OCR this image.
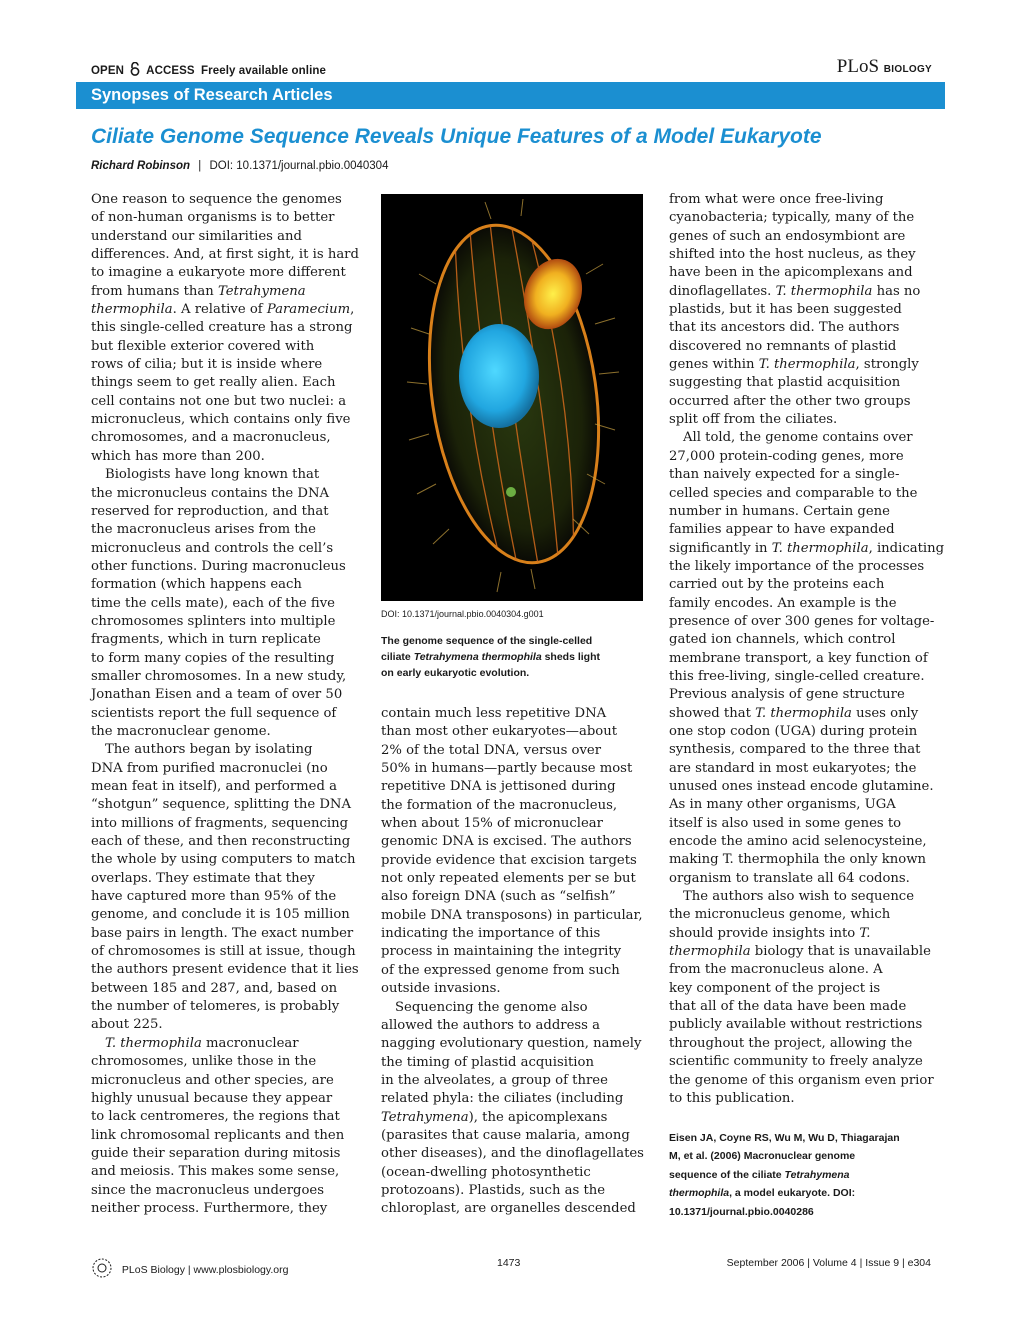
OPEN ACCESS Freely available online	PLoS BIOLOGY
Synopses of Research Articles
Ciliate Genome Sequence Reveals Unique Features of a Model Eukaryote
Richard Robinson | DOI: 10.1371/journal.pbio.0040304

One reason to sequence the genomes

of non-human organisms is to better

understand our similarities and

differences. And, at first sight, it is hard

to imagine a eukaryote more different

from humans than Tetrahymena

thermophila. A relative of Paramecium,

this single-celled creature has a strong

but flexible exterior covered with

rows of cilia; but it is inside where

things seem to get really alien. Each

cell contains not one but two nuclei: a

micronucleus, which contains only five

chromosomes, and a macronucleus,

which has more than 200.

Biologists have long known that

the micronucleus contains the DNA

reserved for reproduction, and that

the macronucleus arises from the

micronucleus and controls the cell’s

other functions. During macronucleus

formation (which happens each

time the cells mate), each of the five

chromosomes splinters into multiple

fragments, which in turn replicate

to form many copies of the resulting

smaller chromosomes. In a new study,

Jonathan Eisen and a team of over 50

scientists report the full sequence of

the macronuclear genome.

The authors began by isolating

DNA from purified macronuclei (no

mean feat in itself), and performed a

“shotgun” sequence, splitting the DNA

into millions of fragments, sequencing

each of these, and then reconstructing

the whole by using computers to match

overlaps. They estimate that they

have captured more than 95% of the

genome, and conclude it is 105 million

base pairs in length. The exact number

of chromosomes is still at issue, though

the authors present evidence that it lies

between 185 and 287, and, based on

the number of telomeres, is probably

about 225.

T. thermophila macronuclear

chromosomes, unlike those in the

micronucleus and other species, are

highly unusual because they appear

to lack centromeres, the regions that

link chromosomal replicants and then

guide their separation during mitosis

and meiosis. This makes some sense,

since the macronucleus undergoes

neither process. Furthermore, they

DOI: 10.1371/journal.pbio.0040304.g001
The genome sequence of the single-celled
ciliate Tetrahymena thermophila sheds light
on early eukaryotic evolution.

contain much less repetitive DNA

than most other eukaryotes—about

2% of the total DNA, versus over

50% in humans—partly because most

repetitive DNA is jettisoned during

the formation of the macronucleus,

when about 15% of micronuclear

genomic DNA is excised. The authors

provide evidence that excision targets

not only repeated elements per se but

also foreign DNA (such as “selfish”

mobile DNA transposons) in particular,

indicating the importance of this

process in maintaining the integrity

of the expressed genome from such

outside invasions.

Sequencing the genome also

allowed the authors to address a

nagging evolutionary question, namely

the timing of plastid acquisition

in the alveolates, a group of three

related phyla: the ciliates (including

Tetrahymena), the apicomplexans

(parasites that cause malaria, among

other diseases), and the dinoflagellates

(ocean-dwelling photosynthetic

protozoans). Plastids, such as the

chloroplast, are organelles descended

from what were once free-living

cyanobacteria; typically, many of the

genes of such an endosymbiont are

shifted into the host nucleus, as they

have been in the apicomplexans and

dinoflagellates. T. thermophila has no

plastids, but it has been suggested

that its ancestors did. The authors

discovered no remnants of plastid

genes within T. thermophila, strongly

suggesting that plastid acquisition

occurred after the other two groups

split off from the ciliates.

All told, the genome contains over

27,000 protein-coding genes, more

than naively expected for a single-

celled species and comparable to the

number in humans. Certain gene

families appear to have expanded

significantly in T. thermophila, indicating

the likely importance of the processes

carried out by the proteins each

family encodes. An example is the

presence of over 300 genes for voltage-

gated ion channels, which control

membrane transport, a key function of

this free-living, single-celled creature.

Previous analysis of gene structure

showed that T. thermophila uses only

one stop codon (UGA) during protein

synthesis, compared to the three that

are standard in most eukaryotes; the

unused ones instead encode glutamine.

As in many other organisms, UGA

itself is also used in some genes to

encode the amino acid selenocysteine,

making T. thermophila the only known

organism to translate all 64 codons.

The authors also wish to sequence

the micronucleus genome, which

should provide insights into T.

thermophila biology that is unavailable

from the macronucleus alone. A

key component of the project is

that all of the data have been made

publicly available without restrictions

throughout the project, allowing the

scientific community to freely analyze

the genome of this organism even prior

to this publication.

Eisen JA, Coyne RS, Wu M, Wu D, Thiagarajan
M, et al. (2006) Macronuclear genome
sequence of the ciliate Tetrahymena
thermophila, a model eukaryote. DOI:
10.1371/journal.pbio.0040286
PLoS Biology | www.plosbiology.org
1473	September 2006 | Volume 4 | Issue 9 | e304
